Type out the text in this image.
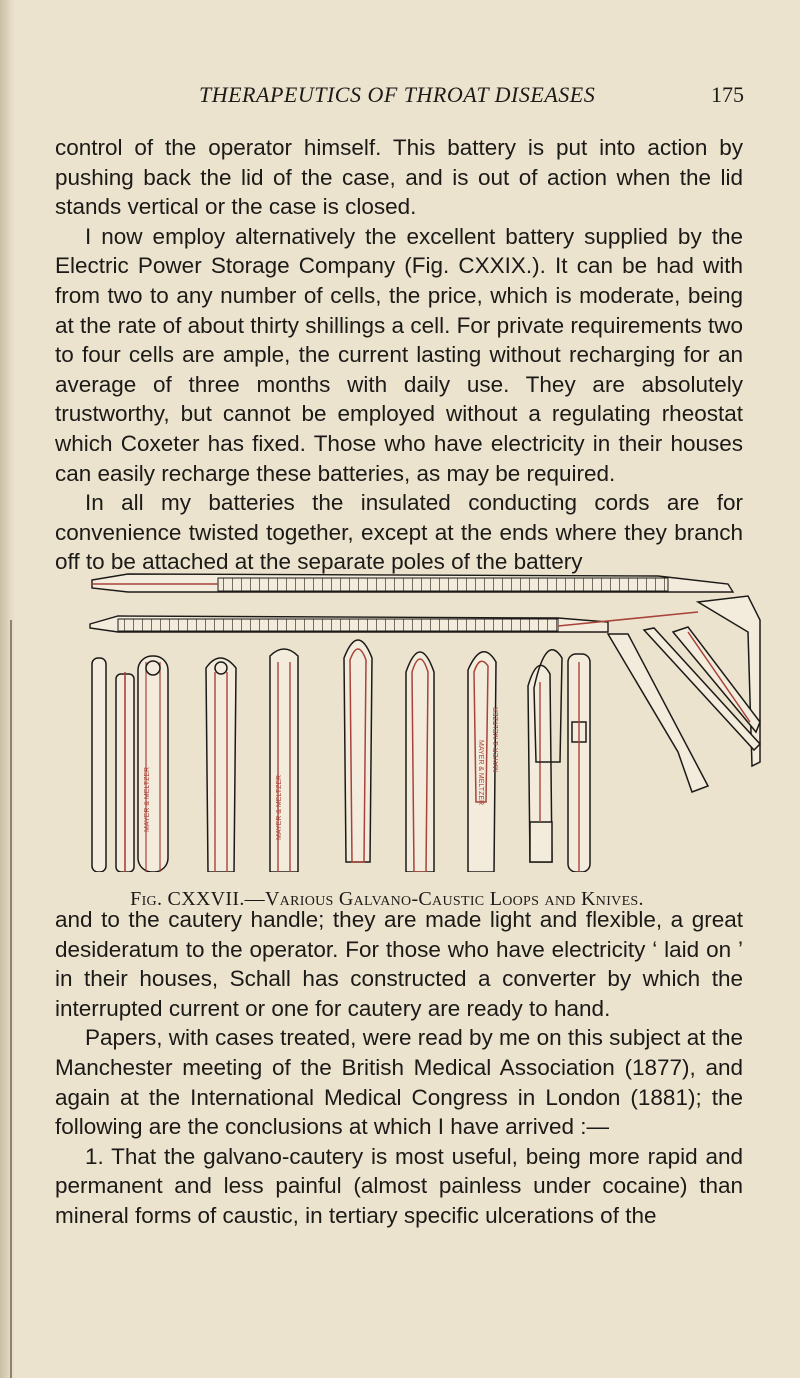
THERAPEUTICS OF THROAT DISEASES	175

control of the operator himself. This battery is put into action by pushing back the lid of the case, and is out of action when the lid stands vertical or the case is closed.

I now employ alternatively the excellent battery supplied by the Electric Power Storage Company (Fig. CXXIX.). It can be had with from two to any number of cells, the price, which is moderate, being at the rate of about thirty shillings a cell. For private requirements two to four cells are ample, the current lasting without recharging for an average of three months with daily use. They are absolutely trustworthy, but cannot be employed without a regulating rheostat which Coxeter has fixed. Those who have electricity in their houses can easily recharge these batteries, as may be required.

In all my batteries the insulated conducting cords are for convenience twisted together, except at the ends where they branch off to be attached at the separate poles of the battery

MAYER & MELTZER	MAYER & MELTZER
MAYER & MELTZER
MAYER & MELTZER
Fig. CXXVII.—Various Galvano-Caustic Loops and Knives.

and to the cautery handle; they are made light and flexible, a great desideratum to the operator. For those who have electricity ‘ laid on ’ in their houses, Schall has constructed a converter by which the interrupted current or one for cautery are ready to hand.

Papers, with cases treated, were read by me on this subject at the Manchester meeting of the British Medical Association (1877), and again at the International Medical Congress in London (1881); the following are the conclusions at which I have arrived :—

1. That the galvano-cautery is most useful, being more rapid and permanent and less painful (almost painless under cocaine) than mineral forms of caustic, in tertiary specific ulcerations of the
